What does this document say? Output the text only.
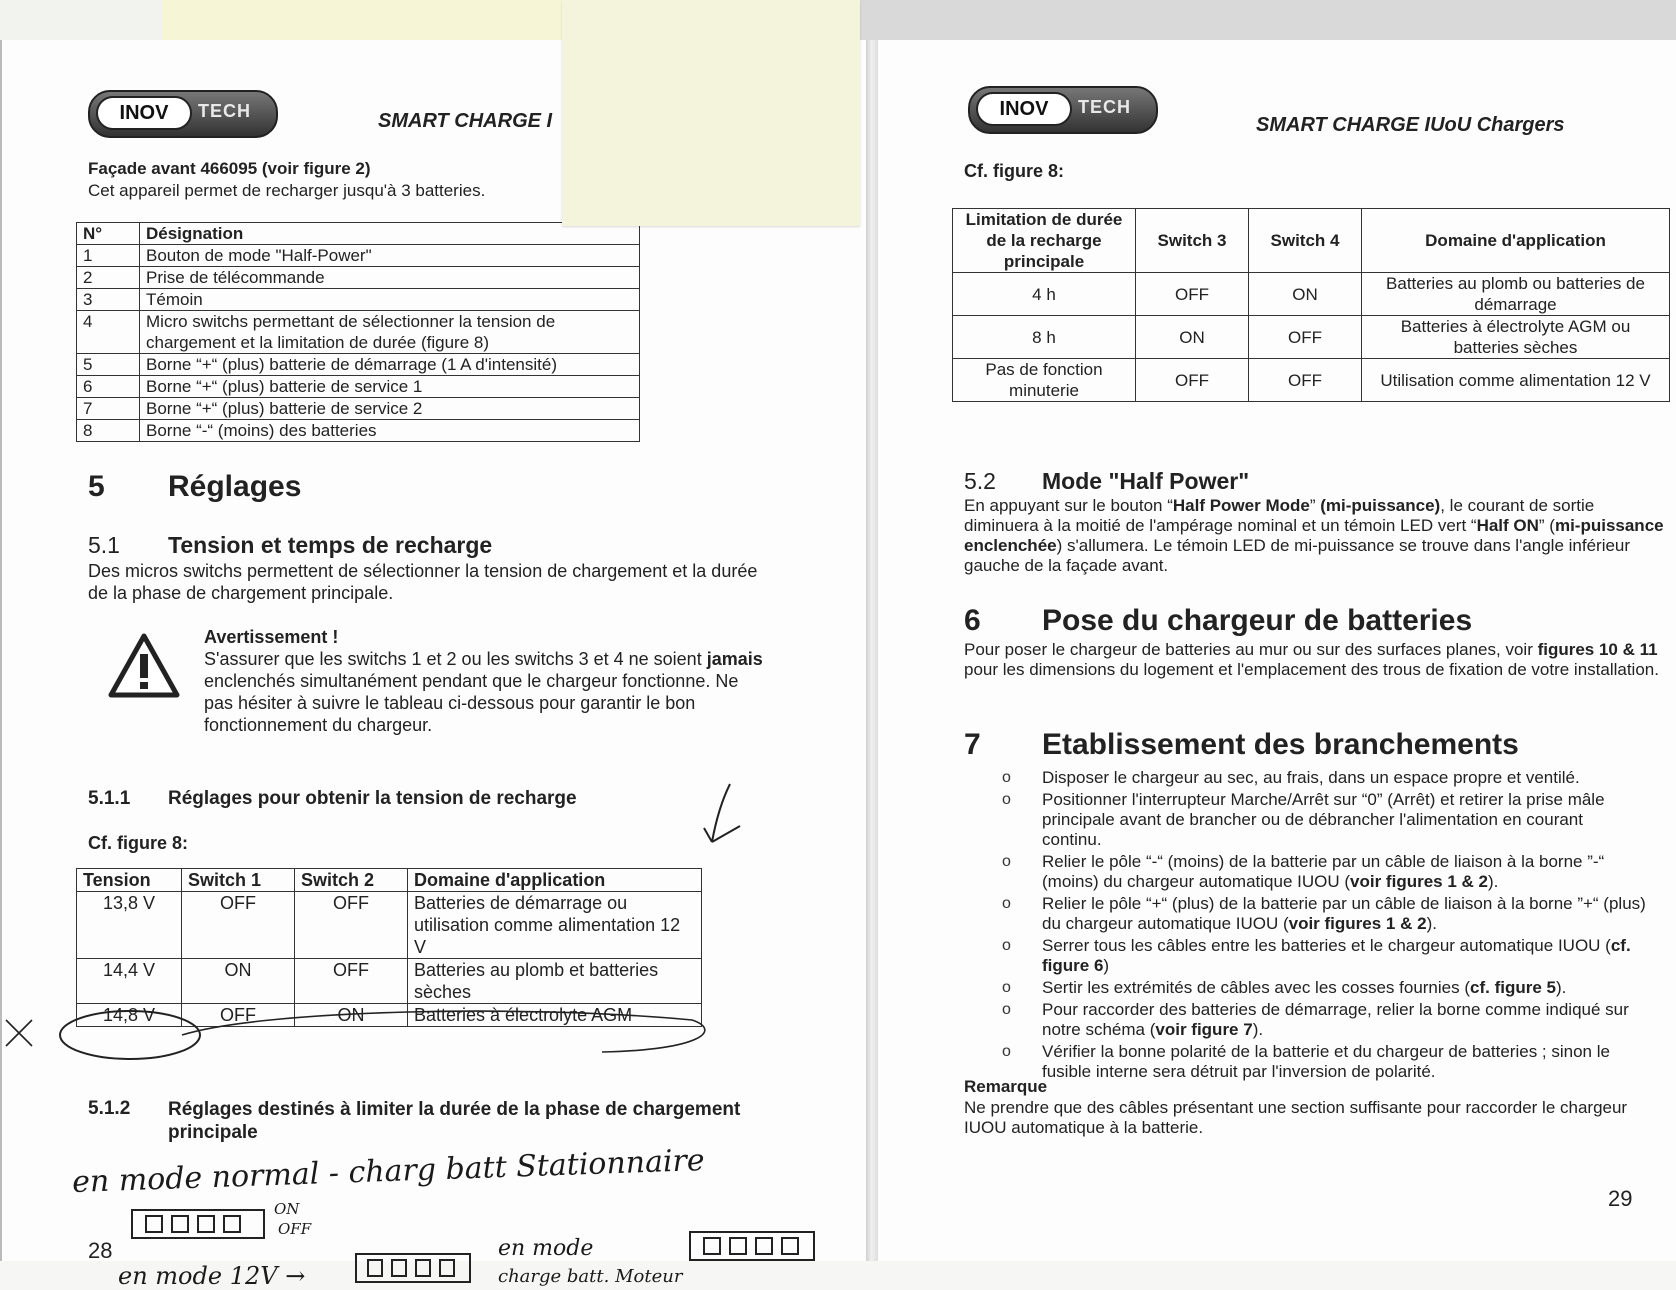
INOV	TECH	SMART CHARGE I
Façade avant 466095 (voir figure 2)
Cet appareil permet de recharger jusqu'à 3 batteries.
N°	Désignation
1	Bouton de mode "Half-Power"
2	Prise de télécommande
3	Témoin
4	Micro switchs permettant de sélectionner la tension de chargement et la limitation de durée (figure 8)
5	Borne “+“ (plus) batterie de démarrage (1 A d'intensité)
6	Borne “+“ (plus) batterie de service 1
7	Borne “+“ (plus) batterie de service 2
8	Borne “-“ (moins) des batteries
5 Réglages
5.1 Tension et temps de recharge
Des micros switchs permettent de sélectionner la tension de chargement et la durée de la phase de chargement principale.
Avertissement !
S'assurer que les switchs 1 et 2 ou les switchs 3 et 4 ne soient jamais enclenchés simultanément pendant que le chargeur fonctionne. Ne pas hésiter à suivre le tableau ci-dessous pour garantir le bon fonctionnement du chargeur.
5.1.1 Réglages pour obtenir la tension de recharge
Cf. figure 8:
Tension	Switch 1	Switch 2	Domaine d'application
13,8 V	OFF	OFF	Batteries de démarrage ou utilisation comme alimentation 12 V
14,4 V	ON	OFF	Batteries au plomb et batteries sèches
14,8 V	OFF	ON	Batteries à électrolyte AGM
5.1.2 Réglages destinés à limiter la durée de la phase de chargement principale
en mode normal - charg batt Stationnaire
ON
OFF
28
en mode 12V →
en mode
charge batt. Moteur
INOV	TECH
SMART CHARGE IUoU Chargers
Cf. figure 8:
Limitation de durée de la recharge principale	Switch 3	Switch 4	Domaine d'application
4 h	OFF	ON	Batteries au plomb ou batteries de démarrage
8 h	ON	OFF	Batteries à électrolyte AGM ou batteries sèches
Pas de fonction minuterie	OFF	OFF	Utilisation comme alimentation 12 V
5.2 Mode "Half Power"
En appuyant sur le bouton “Half Power Mode” (mi-puissance), le courant de sortie diminuera à la moitié de l'ampérage nominal et un témoin LED vert “Half ON” (mi-puissance enclenchée) s'allumera. Le témoin LED de mi-puissance se trouve dans l'angle inférieur gauche de la façade avant.
6 Pose du chargeur de batteries
Pour poser le chargeur de batteries au mur ou sur des surfaces planes, voir figures 10 & 11 pour les dimensions du logement et l'emplacement des trous de fixation de votre installation.
7 Etablissement des branchements
o Disposer le chargeur au sec, au frais, dans un espace propre et ventilé.
o Positionner l'interrupteur Marche/Arrêt sur “0” (Arrêt) et retirer la prise mâle principale avant de brancher ou de débrancher l'alimentation en courant continu.
o Relier le pôle “-“ (moins) de la batterie par un câble de liaison à la borne ”-“ (moins) du chargeur automatique IUOU (voir figures 1 & 2).
o Relier le pôle “+“ (plus) de la batterie par un câble de liaison à la borne ”+“ (plus) du chargeur automatique IUOU (voir figures 1 & 2).
o Serrer tous les câbles entre les batteries et le chargeur automatique IUOU (cf. figure 6)
o Sertir les extrémités de câbles avec les cosses fournies (cf. figure 5).
o Pour raccorder des batteries de démarrage, relier la borne comme indiqué sur notre schéma (voir figure 7).
o Vérifier la bonne polarité de la batterie et du chargeur de batteries ; sinon le fusible interne sera détruit par l'inversion de polarité.
Remarque
Ne prendre que des câbles présentant une section suffisante pour raccorder le chargeur IUOU automatique à la batterie.
29
